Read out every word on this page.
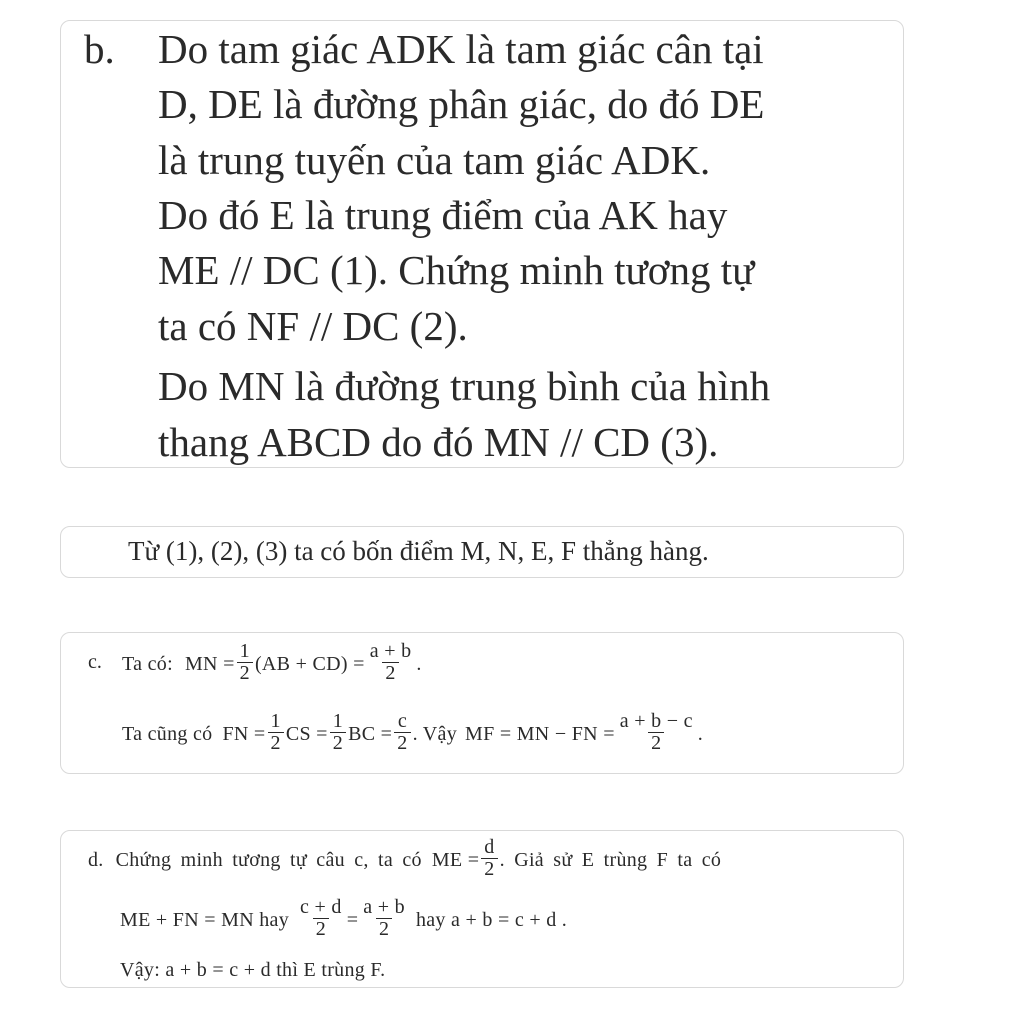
b. Do tam giác ADK là tam giác cân tại
D, DE là đường phân giác, do đó DE
là trung tuyến của tam giác ADK.
Do đó E là trung điểm của AK hay
ME // DC (1). Chứng minh tương tự
ta có NF // DC (2).
Do MN là đường trung bình của hình
thang ABCD do đó MN // CD (3).
Từ (1), (2), (3) ta có bốn điểm M, N, E, F thẳng hàng.
c. Ta có: MN = $\frac{1}{2} (AB + CD) = \frac{a + b}{2}$ .
Ta cũng có FN = $\frac{1}{2}$ CS = $\frac{1}{2}$ BC = $\frac{c}{2}$ . Vậy MF = MN − FN = $\frac{a + b - c}{2}$ .
d. Chứng minh tương tự câu c, ta có ME = $\frac{d}{2}$ . Giả sử E trùng F ta có
ME + FN = MN hay $\frac{c + d}{2} = \frac{a + b}{2}$ hay a + b = c + d .
Vậy: a + b = c + d thì E trùng F.
